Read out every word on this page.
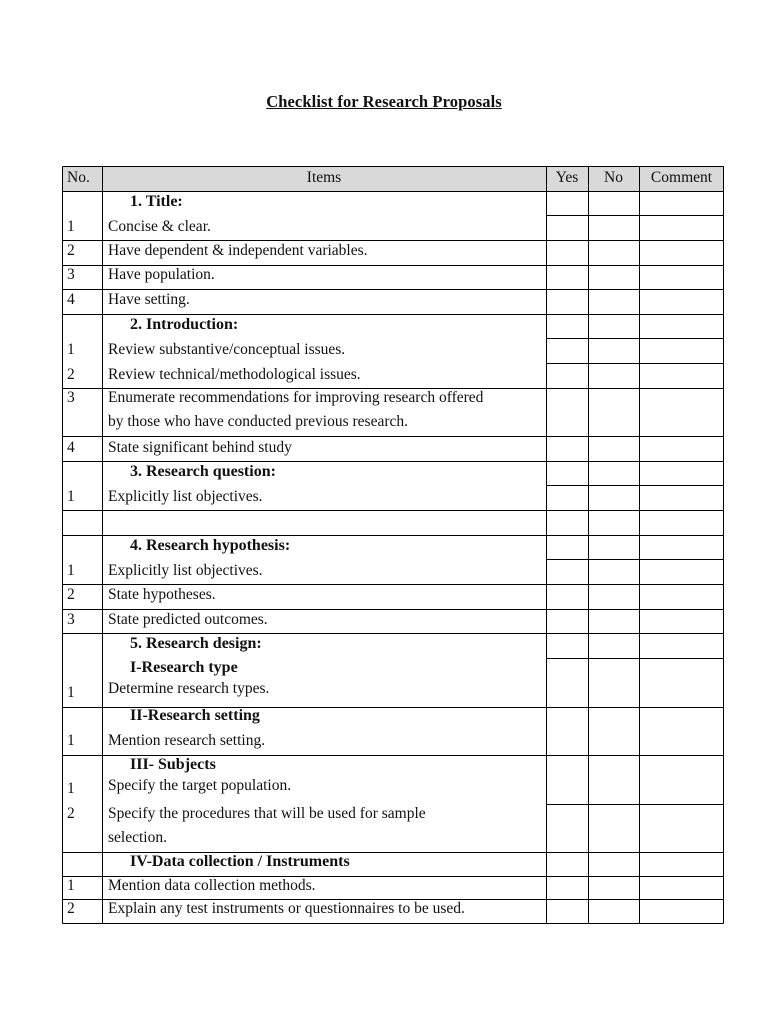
Checklist for Research Proposals
No.	Items	Yes	No	Comment
1. Title:
1 Concise & clear.
2 Have dependent & independent variables.
3 Have population.
4 Have setting.
2. Introduction:
1 Review substantive/conceptual issues.
2 Review technical/methodological issues.
3 Enumerate recommendations for improving research offered
by those who have conducted previous research.
4 State significant behind study
3. Research question:
1 Explicitly list objectives.
4. Research hypothesis:
1 Explicitly list objectives.
2 State hypotheses.
3 State predicted outcomes.
5. Research design:
I-Research type
1 Determine research types.
II-Research setting
1 Mention research setting.
III- Subjects
1 Specify the target population.
2 Specify the procedures that will be used for sample
selection.
IV-Data collection / Instruments
1 Mention data collection methods.
2 Explain any test instruments or questionnaires to be used.
